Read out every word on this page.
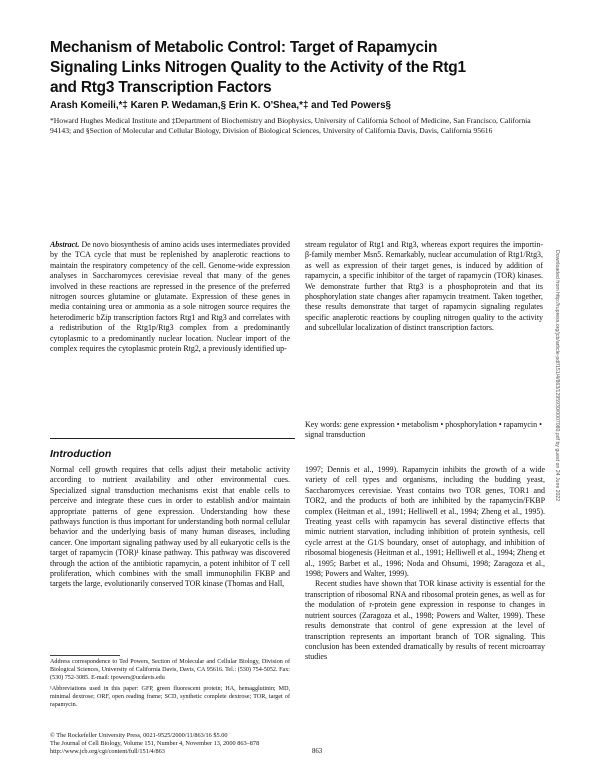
Mechanism of Metabolic Control: Target of Rapamycin Signaling Links Nitrogen Quality to the Activity of the Rtg1 and Rtg3 Transcription Factors
Arash Komeili,*‡ Karen P. Wedaman,§ Erin K. O'Shea,*‡ and Ted Powers§
*Howard Hughes Medical Institute and ‡Department of Biochemistry and Biophysics, University of California School of Medicine, San Francisco, California 94143; and §Section of Molecular and Cellular Biology, Division of Biological Sciences, University of California Davis, Davis, California 95616

Abstract. De novo biosynthesis of amino acids uses intermediates provided by the TCA cycle that must be replenished by anaplerotic reactions to maintain the respiratory competency of the cell. Genome-wide expression analyses in Saccharomyces cerevisiae reveal that many of the genes involved in these reactions are repressed in the presence of the preferred nitrogen sources glutamine or glutamate. Expression of these genes in media containing urea or ammonia as a sole nitrogen source requires the heterodimeric bZip transcription factors Rtg1 and Rtg3 and correlates with a redistribution of the Rtg1p/Rtg3 complex from a predominantly cytoplasmic to a predominantly nuclear location. Nuclear import of the complex requires the cytoplasmic protein Rtg2, a previously identified up-

stream regulator of Rtg1 and Rtg3, whereas export requires the importin-β-family member Msn5. Remarkably, nuclear accumulation of Rtg1/Rtg3, as well as expression of their target genes, is induced by addition of rapamycin, a specific inhibitor of the target of rapamycin (TOR) kinases. We demonstrate further that Rtg3 is a phosphoprotein and that its phosphorylation state changes after rapamycin treatment. Taken together, these results demonstrate that target of rapamycin signaling regulates specific anaplerotic reactions by coupling nitrogen quality to the activity and subcellular localization of distinct transcription factors.

Key words: gene expression • metabolism • phosphorylation • rapamycin • signal transduction
Introduction

Normal cell growth requires that cells adjust their metabolic activity according to nutrient availability and other environmental cues. Specialized signal transduction mechanisms exist that enable cells to perceive and integrate these cues in order to establish and/or maintain appropriate patterns of gene expression. Understanding how these pathways function is thus important for understanding both normal cellular behavior and the underlying basis of many human diseases, including cancer. One important signaling pathway used by all eukaryotic cells is the target of rapamycin (TOR)¹ kinase pathway. This pathway was discovered through the action of the antibiotic rapamycin, a potent inhibitor of T cell proliferation, which combines with the small immunophilin FKBP and targets the large, evolutionarily conserved TOR kinase (Thomas and Hall,

1997; Dennis et al., 1999). Rapamycin inhibits the growth of a wide variety of cell types and organisms, including the budding yeast, Saccharomyces cerevisiae. Yeast contains two TOR genes, TOR1 and TOR2, and the products of both are inhibited by the rapamycin/FKBP complex (Heitman et al., 1991; Helliwell et al., 1994; Zheng et al., 1995). Treating yeast cells with rapamycin has several distinctive effects that mimic nutrient starvation, including inhibition of protein synthesis, cell cycle arrest at the G1/S boundary, onset of autophagy, and inhibition of ribosomal biogenesis (Heitman et al., 1991; Helliwell et al., 1994; Zheng et al., 1995; Barbet et al., 1996; Noda and Ohsumi, 1998; Zaragoza et al., 1998; Powers and Walter, 1999).

Recent studies have shown that TOR kinase activity is essential for the transcription of ribosomal RNA and ribosomal protein genes, as well as for the modulation of r-protein gene expression in response to changes in nutrient sources (Zaragoza et al., 1998; Powers and Walter, 1999). These results demonstrate that control of gene expression at the level of transcription represents an important branch of TOR signaling. This conclusion has been extended dramatically by results of recent microarray studies

Address correspondence to Ted Powers, Section of Molecular and Cellular Biology, Division of Biological Sciences, University of California Davis, Davis, CA 95616. Tel.: (530) 754-5052. Fax: (530) 752-3085. E-mail: tpowers@ucdavis.edu

¹Abbreviations used in this paper: GFP, green fluorescent protein; HA, hemagglutinin; MD, minimal dextrose; ORF, open reading frame; SCD, synthetic complete dextrose; TOR, target of rapamycin.

© The Rockefeller University Press, 0021-9525/2000/11/863/16 $5.00
The Journal of Cell Biology, Volume 151, Number 4, November 13, 2000 863–878
http://www.jcb.org/cgi/content/full/151/4/863	863
Downloaded from http://rupress.org/jcb/article-pdf/151/4/863/1295930/0007080.pdf by guest on 24 June 2022
